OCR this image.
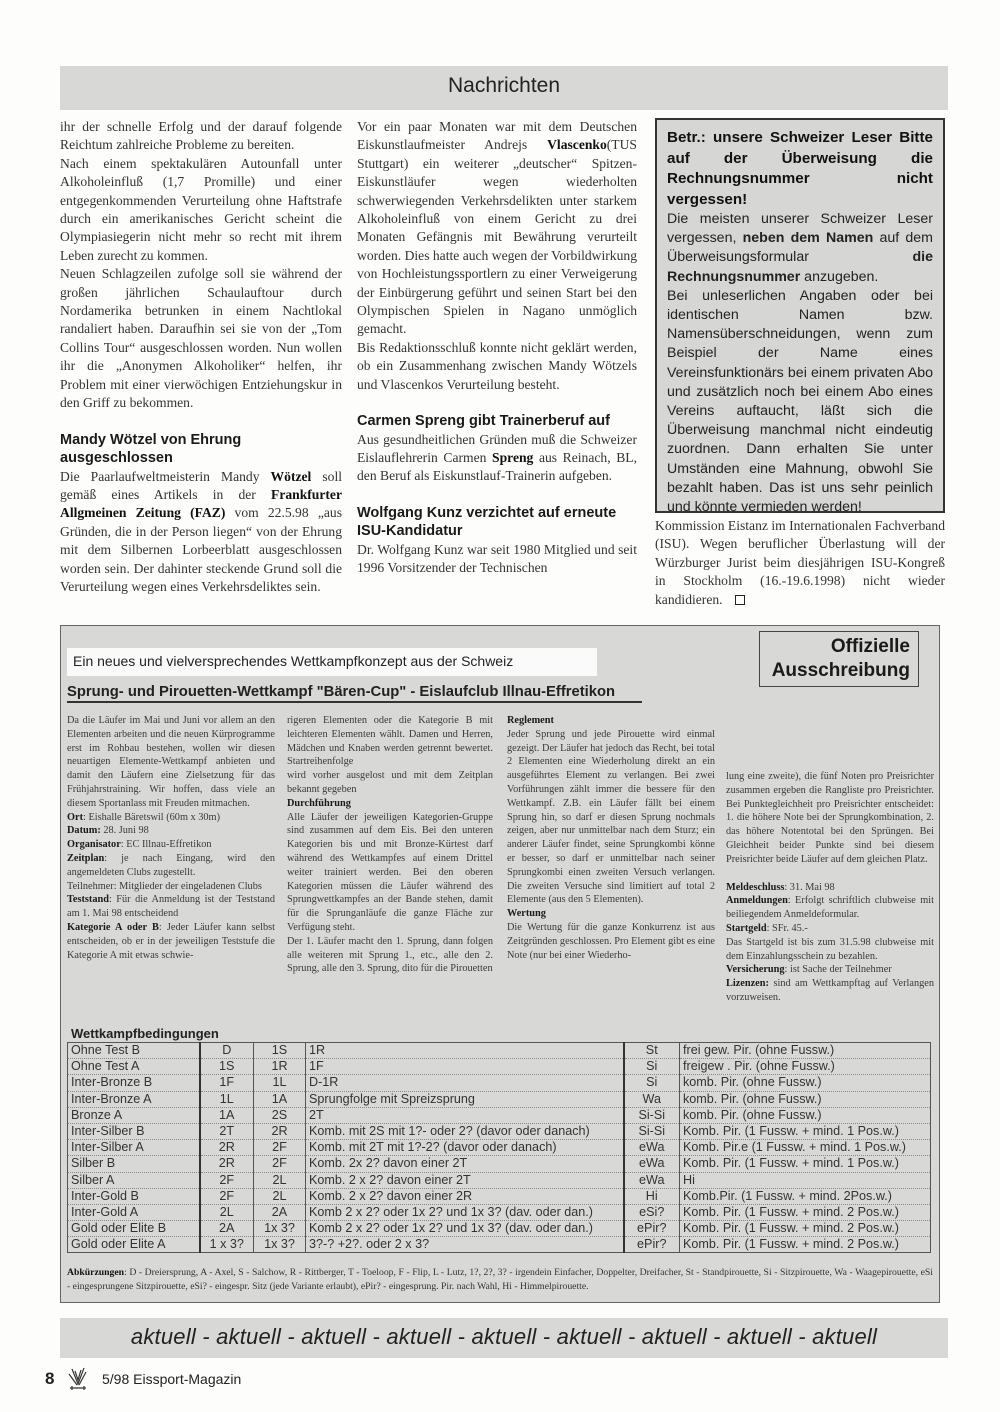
Nachrichten

ihr der schnelle Erfolg und der darauf folgende Reichtum zahlreiche Probleme zu bereiten.

Nach einem spektakulären Autounfall unter Alkoholeinfluß (1,7 Promille) und einer entgegenkommenden Verurteilung ohne Haftstrafe durch ein amerikanisches Gericht scheint die Olympiasiegerin nicht mehr so recht mit ihrem Leben zurecht zu kommen.

Neuen Schlagzeilen zufolge soll sie während der großen jährlichen Schaulauftour durch Nordamerika betrunken in einem Nachtlokal randaliert haben. Daraufhin sei sie von der „Tom Collins Tour“ ausgeschlossen worden. Nun wollen ihr die „Anonymen Alkoholiker“ helfen, ihr Problem mit einer vierwöchigen Entziehungskur in den Griff zu bekommen.

Mandy Wötzel von Ehrung ausgeschlossen

Die Paarlaufweltmeisterin Mandy Wötzel soll gemäß eines Artikels in der Frankfurter Allgmeinen Zeitung (FAZ) vom 22.5.98 „aus Gründen, die in der Person liegen“ von der Ehrung mit dem Silbernen Lorbeerblatt ausgeschlossen worden sein. Der dahinter steckende Grund soll die Verurteilung wegen eines Verkehrsdeliktes sein.

Vor ein paar Monaten war mit dem Deutschen Eiskunstlaufmeister Andrejs Vlascenko(TUS Stuttgart) ein weiterer „deutscher“ Spitzen-Eiskunstläufer wegen wiederholten schwerwiegenden Verkehrsdelikten unter starkem Alkoholeinfluß von einem Gericht zu drei Monaten Gefängnis mit Bewährung verurteilt worden. Dies hatte auch wegen der Vorbildwirkung von Hochleistungssportlern zu einer Verweigerung der Einbürgerung geführt und seinen Start bei den Olympischen Spielen in Nagano unmöglich gemacht.

Bis Redaktionsschluß konnte nicht geklärt werden, ob ein Zusammenhang zwischen Mandy Wötzels und Vlascenkos Verurteilung besteht.

Carmen Spreng gibt Trainerberuf auf

Aus gesundheitlichen Gründen muß die Schweizer Eislauflehrerin Carmen Spreng aus Reinach, BL, den Beruf als Eiskunstlauf-Trainerin aufgeben.

Wolfgang Kunz verzichtet auf erneute ISU-Kandidatur

Dr. Wolfgang Kunz war seit 1980 Mitglied und seit 1996 Vorsitzender der Technischen

Betr.: unsere Schweizer Leser Bitte auf der Überweisung die Rechnungsnummer nicht vergessen!

Die meisten unserer Schweizer Leser vergessen, neben dem Namen auf dem Überweisungsformular die Rechnungsnummer anzugeben.

Bei unleserlichen Angaben oder bei identischen Namen bzw. Namensüberschneidungen, wenn zum Beispiel der Name eines Vereinsfunktionärs bei einem privaten Abo und zusätzlich noch bei einem Abo eines Vereins auftaucht, läßt sich die Überweisung manchmal nicht eindeutig zuordnen. Dann erhalten Sie unter Umständen eine Mahnung, obwohl Sie bezahlt haben. Das ist uns sehr peinlich und könnte vermieden werden!

Kommission Eistanz im Internationalen Fachverband (ISU). Wegen beruflicher Überlastung will der Würzburger Jurist beim diesjährigen ISU-Kongreß in Stockholm (16.-19.6.1998) nicht wieder kandidieren.

Ein neues und vielversprechendes Wettkampfkonzept aus der Schweiz
Sprung- und Pirouetten-Wettkampf "Bären-Cup" - Eislaufclub Illnau-Effretikon
Offizielle Ausschreibung

Da die Läufer im Mai und Juni vor allem an den Elementen arbeiten und die neuen Kürprogramme erst im Rohbau bestehen, wollen wir diesen neuartigen Elemente-Wettkampf anbieten und damit den Läufern eine Zielsetzung für das Frühjahrstraining. Wir hoffen, dass viele an diesem Sportanlass mit Freuden mitmachen.

Ort: Eishalle Bäretswil (60m x 30m)

Datum: 28. Juni 98

Organisator: EC Illnau-Effretikon

Zeitplan: je nach Eingang, wird den angemeldeten Clubs zugestellt.

Teilnehmer: Mitglieder der eingeladenen Clubs

Teststand: Für die Anmeldung ist der Teststand am 1. Mai 98 entscheidend

Kategorie A oder B: Jeder Läufer kann selbst entscheiden, ob er in der jeweiligen Teststufe die Kategorie A mit etwas schwie-

rigeren Elementen oder die Kategorie B mit leichteren Elementen wählt. Damen und Herren, Mädchen und Knaben werden getrennt bewertet. Startreihenfolge

wird vorher ausgelost und mit dem Zeitplan bekannt gegeben

Durchführung

Alle Läufer der jeweiligen Kategorien-Gruppe sind zusammen auf dem Eis. Bei den unteren Kategorien bis und mit Bronze-Kürtest darf während des Wettkampfes auf einem Drittel weiter trainiert werden. Bei den oberen Kategorien müssen die Läufer während des Sprungwettkampfes an der Bande stehen, damit für die Sprunganläufe die ganze Fläche zur Verfügung steht.

Der 1. Läufer macht den 1. Sprung, dann folgen alle weiteren mit Sprung 1., etc., alle den 2. Sprung, alle den 3. Sprung, dito für die Pirouetten

Reglement

Jeder Sprung und jede Pirouette wird einmal gezeigt. Der Läufer hat jedoch das Recht, bei total 2 Elementen eine Wiederholung direkt an ein ausgeführtes Element zu verlangen. Bei zwei Vorführungen zählt immer die bessere für den Wettkampf. Z.B. ein Läufer fällt bei einem Sprung hin, so darf er diesen Sprung nochmals zeigen, aber nur unmittelbar nach dem Sturz; ein anderer Läufer findet, seine Sprungkombi könne er besser, so darf er unmittelbar nach seiner Sprungkombi einen zweiten Versuch verlangen. Die zweiten Versuche sind limitiert auf total 2 Elemente (aus den 5 Elementen).

Wertung

Die Wertung für die ganze Konkurrenz ist aus Zeitgründen geschlossen. Pro Element gibt es eine Note (nur bei einer Wiederho-

lung eine zweite), die fünf Noten pro Preisrichter zusammen ergeben die Rangliste pro Preisrichter. Bei Punktegleichheit pro Preisrichter entscheidet: 1. die höhere Note bei der Sprungkombination, 2. das höhere Notentotal bei den Sprüngen. Bei Gleichheit beider Punkte sind bei diesem Preisrichter beide Läufer auf dem gleichen Platz.

Meldeschluss: 31. Mai 98

Anmeldungen: Erfolgt schriftlich clubweise mit beiliegendem Anmeldeformular.

Startgeld: SFr. 45.-

Das Startgeld ist bis zum 31.5.98 clubweise mit dem Einzahlungsschein zu bezahlen.

Versicherung: ist Sache der Teilnehmer

Lizenzen: sind am Wettkampftag auf Verlangen vorzuweisen.

Wettkampfbedingungen
Ohne Test B	D	1S	1R	St	frei gew. Pir. (ohne Fussw.)
Ohne Test A	1S	1R	1F	Si	freigew . Pir. (ohne Fussw.)
Inter-Bronze B	1F	1L	D-1R	Si	komb. Pir. (ohne Fussw.)
Inter-Bronze A	1L	1A	Sprungfolge mit Spreizsprung	Wa	komb. Pir. (ohne Fussw.)
Bronze A	1A	2S	2T	Si-Si	komb. Pir. (ohne Fussw.)
Inter-Silber B	2T	2R	Komb. mit 2S mit 1?- oder 2? (davor oder danach)	Si-Si	Komb. Pir. (1 Fussw. + mind. 1 Pos.w.)
Inter-Silber A	2R	2F	Komb. mit 2T mit 1?-2? (davor oder danach)	eWa	Komb. Pir.e (1 Fussw. + mind. 1 Pos.w.)
Silber B	2R	2F	Komb. 2x 2? davon einer 2T	eWa	Komb. Pir. (1 Fussw. + mind. 1 Pos.w.)
Silber A	2F	2L	Komb. 2 x 2? davon einer 2T	eWa	Hi
Inter-Gold B	2F	2L	Komb. 2 x 2? davon einer 2R	Hi	Komb.Pir. (1 Fussw. + mind. 2Pos.w.)
Inter-Gold A	2L	2A	Komb 2 x 2? oder 1x 2? und 1x 3? (dav. oder dan.)	eSi?	Komb. Pir. (1 Fussw. + mind. 2 Pos.w.)
Gold oder Elite B	2A	1x 3?	Komb 2 x 2? oder 1x 2? und 1x 3? (dav. oder dan.)	ePir?	Komb. Pir. (1 Fussw. + mind. 2 Pos.w.)
Gold oder Elite A	1 x 3?	1x 3?	3?-? +2?. oder 2 x 3?	ePir?	Komb. Pir. (1 Fussw. + mind. 2 Pos.w.)
Abkürzungen: D - Dreiersprung, A - Axel, S - Salchow, R - Rittberger, T - Toeloop, F - Flip, L - Lutz, 1?, 2?, 3? - irgendein Einfacher, Doppelter, Dreifacher, St - Standpirouette, Si - Sitzpirouette, Wa - Waagepirouette, eSi - eingesprungene Sitzpirouette, eSi? - eingespr. Sitz (jede Variante erlaubt), ePir? - eingesprung. Pir. nach Wahl, Hi - Himmelpirouette.
aktuell - aktuell - aktuell - aktuell - aktuell - aktuell - aktuell - aktuell - aktuell
8	5/98 Eissport-Magazin
